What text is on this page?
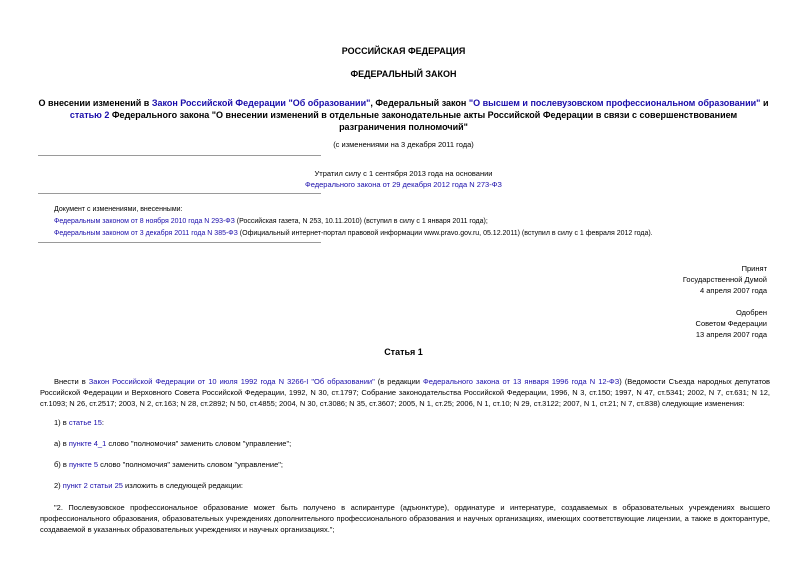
РОССИЙСКАЯ ФЕДЕРАЦИЯ
ФЕДЕРАЛЬНЫЙ ЗАКОН
О внесении изменений в Закон Российской Федерации "Об образовании", Федеральный закон "О высшем и послевузовском профессиональном образовании" и статью 2 Федерального закона "О внесении изменений в отдельные законодательные акты Российской Федерации в связи с совершенствованием разграничения полномочий"
(с изменениями на 3 декабря 2011 года)
Утратил силу с 1 сентября 2013 года на основании
Федерального закона от 29 декабря 2012 года N 273-ФЗ
Документ с изменениями, внесенными:
Федеральным законом от 8 ноября 2010 года N 293-ФЗ (Российская газета, N 253, 10.11.2010) (вступил в силу с 1 января 2011 года);
Федеральным законом от 3 декабря 2011 года N 385-ФЗ (Официальный интернет-портал правовой информации www.pravo.gov.ru, 05.12.2011) (вступил в силу с 1 февраля 2012 года).
Принят
Государственной Думой
4 апреля 2007 года
Одобрен
Советом Федерации
13 апреля 2007 года
Статья 1
Внести в Закон Российской Федерации от 10 июля 1992 года N 3266-I "Об образовании" (в редакции Федерального закона от 13 января 1996 года N 12-ФЗ) (Ведомости Съезда народных депутатов Российской Федерации и Верховного Совета Российской Федерации, 1992, N 30, ст.1797; Собрание законодательства Российской Федерации, 1996, N 3, ст.150; 1997, N 47, ст.5341; 2002, N 7, ст.631; N 12, ст.1093; N 26, ст.2517; 2003, N 2, ст.163; N 28, ст.2892; N 50, ст.4855; 2004, N 30, ст.3086; N 35, ст.3607; 2005, N 1, ст.25; 2006, N 1, ст.10; N 29, ст.3122; 2007, N 1, ст.21; N 7, ст.838) следующие изменения:
1) в статье 15:
а) в пункте 4_1 слово "полномочия" заменить словом "управление";
б) в пункте 5 слово "полномочия" заменить словом "управление";
2) пункт 2 статьи 25 изложить в следующей редакции:
"2. Послевузовское профессиональное образование может быть получено в аспирантуре (адъюнктуре), ординатуре и интернатуре, создаваемых в образовательных учреждениях высшего профессионального образования, образовательных учреждениях дополнительного профессионального образования и научных организациях, имеющих соответствующие лицензии, а также в докторантуре, создаваемой в указанных образовательных учреждениях и научных организациях.";
